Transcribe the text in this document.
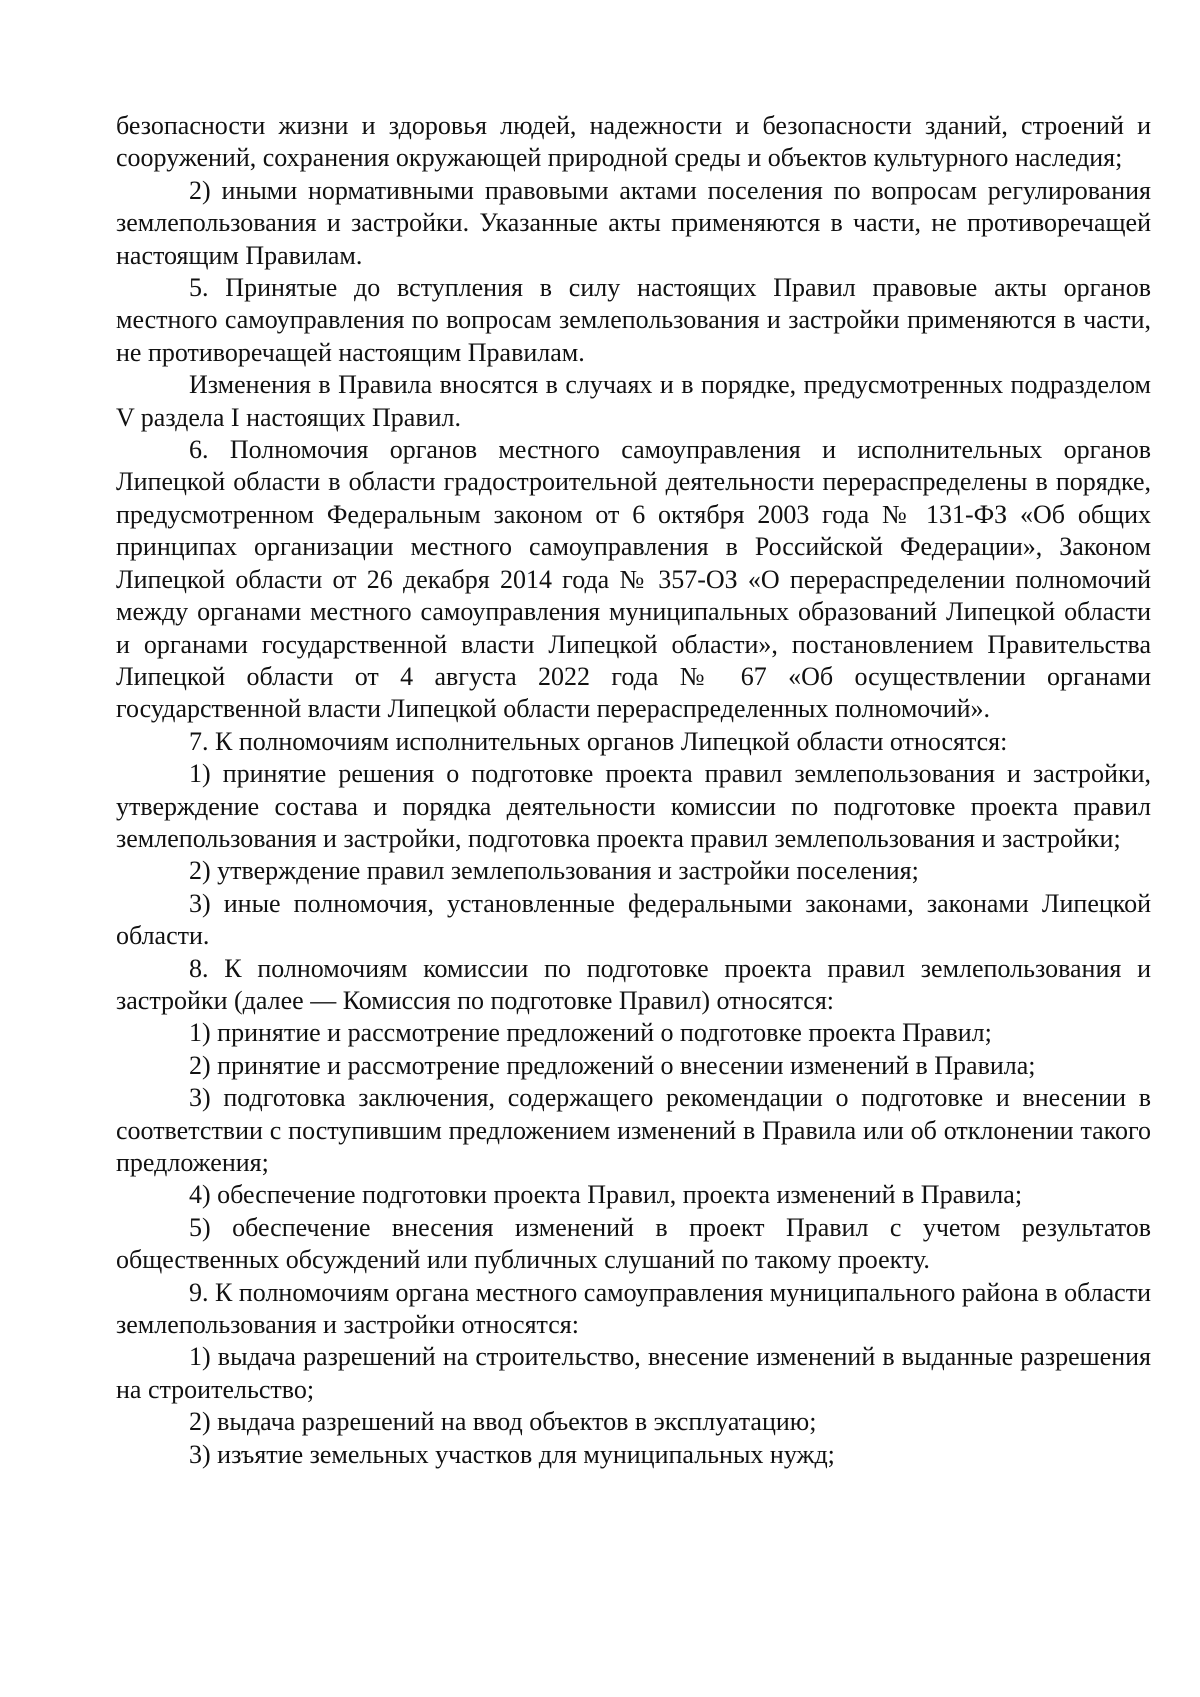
безопасности жизни и здоровья людей, надежности и безопасности зданий, строений и сооружений, сохранения окружающей природной среды и объектов культурного наследия;

2) иными нормативными правовыми актами поселения по вопросам регулирования землепользования и застройки. Указанные акты применяются в части, не противоречащей настоящим Правилам.

5. Принятые до вступления в силу настоящих Правил правовые акты органов местного самоуправления по вопросам землепользования и застройки применяются в части, не противоречащей настоящим Правилам.

Изменения в Правила вносятся в случаях и в порядке, предусмотренных подразделом V раздела I настоящих Правил.

6. Полномочия органов местного самоуправления и исполнительных органов Липецкой области в области градостроительной деятельности перераспределены в порядке, предусмотренном Федеральным законом от 6 октября 2003 года № 131-ФЗ «Об общих принципах организации местного самоуправления в Российской Федерации», Законом Липецкой области от 26 декабря 2014 года № 357-ОЗ «О перераспределении полномочий между органами местного самоуправления муниципальных образований Липецкой области и органами государственной власти Липецкой области», постановлением Правительства Липецкой области от 4 августа 2022 года № 67 «Об осуществлении органами государственной власти Липецкой области перераспределенных полномочий».

7. К полномочиям исполнительных органов Липецкой области относятся:

1) принятие решения о подготовке проекта правил землепользования и застройки, утверждение состава и порядка деятельности комиссии по подготовке проекта правил землепользования и застройки, подготовка проекта правил землепользования и застройки;

2) утверждение правил землепользования и застройки поселения;

3) иные полномочия, установленные федеральными законами, законами Липецкой области.

8. К полномочиям комиссии по подготовке проекта правил землепользования и застройки (далее — Комиссия по подготовке Правил) относятся:

1) принятие и рассмотрение предложений о подготовке проекта Правил;

2) принятие и рассмотрение предложений о внесении изменений в Правила;

3) подготовка заключения, содержащего рекомендации о подготовке и внесении в соответствии с поступившим предложением изменений в Правила или об отклонении такого предложения;

4) обеспечение подготовки проекта Правил, проекта изменений в Правила;

5) обеспечение внесения изменений в проект Правил с учетом результатов общественных обсуждений или публичных слушаний по такому проекту.

9. К полномочиям органа местного самоуправления муниципального района в области землепользования и застройки относятся:

1) выдача разрешений на строительство, внесение изменений в выданные разрешения на строительство;

2) выдача разрешений на ввод объектов в эксплуатацию;

3) изъятие земельных участков для муниципальных нужд;
